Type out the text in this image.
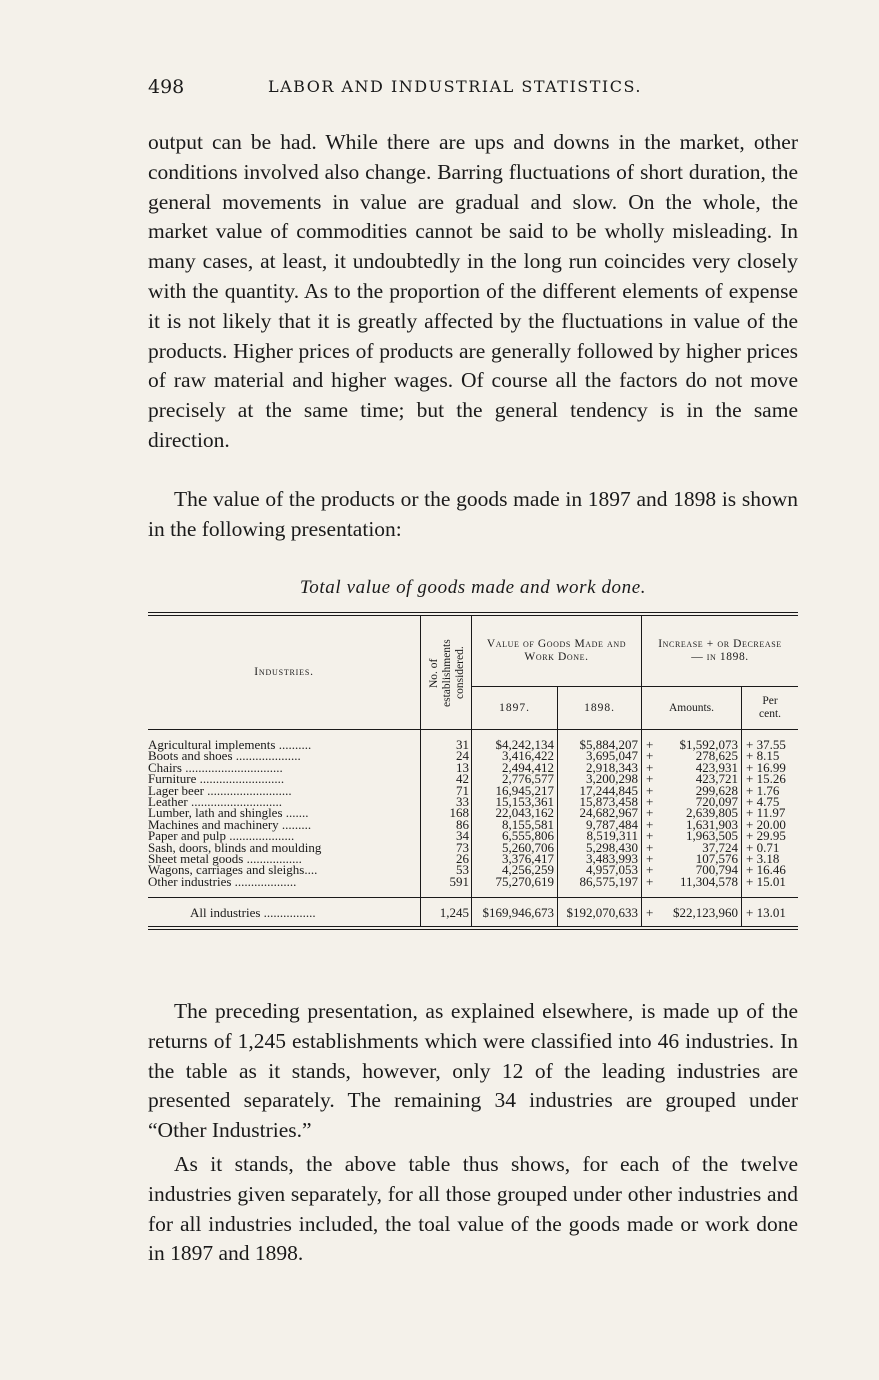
498	LABOR AND INDUSTRIAL STATISTICS.

output can be had. While there are ups and downs in the market, other conditions involved also change. Barring fluctuations of short duration, the general movements in value are gradual and slow. On the whole, the market value of commodities cannot be said to be wholly misleading. In many cases, at least, it undoubtedly in the long run coincides very closely with the quantity. As to the proportion of the different elements of expense it is not likely that it is greatly affected by the fluctuations in value of the products. Higher prices of products are generally followed by higher prices of raw material and higher wages. Of course all the factors do not move precisely at the same time; but the general tendency is in the same direction.

The value of the products or the goods made in 1897 and 1898 is shown in the following presentation:

Total value of goods made and work done.
Industries.	No. of establishments considered.	Value of Goods Made and Work Done.		Increase + or Decrease — in 1898.		

		1897.	1898.	Amounts.		Per cent.

Agricultural implements ..........	31	$4,242,134	$5,884,207	+	$1,592,073	+ 37.55
Boots and shoes ....................	24	3,416,422	3,695,047	+	278,625	+ 8.15
Chairs ..............................	13	2,494,412	2,918,343	+	423,931	+ 16.99
Furniture ..........................	42	2,776,577	3,200,298	+	423,721	+ 15.26
Lager beer ..........................	71	16,945,217	17,244,845	+	299,628	+ 1.76
Leather ............................	33	15,153,361	15,873,458	+	720,097	+ 4.75
Lumber, lath and shingles .......	168	22,043,162	24,682,967	+	2,639,805	+ 11.97
Machines and machinery .........	86	8,155,581	9,787,484	+	1,631,903	+ 20.00
Paper and pulp ....................	34	6,555,806	8,519,311	+	1,963,505	+ 29.95
Sash, doors, blinds and moulding	73	5,260,706	5,298,430	+	37,724	+ 0.71
Sheet metal goods .................	26	3,376,417	3,483,993	+	107,576	+ 3.18
Wagons, carriages and sleighs....	53	4,256,259	4,957,053	+	700,794	+ 16.46
Other industries ...................	591	75,270,619	86,575,197	+	11,304,578	+ 15.01
All industries ................	1,245	$169,946,673	$192,070,633	+	$22,123,960	+ 13.01

The preceding presentation, as explained elsewhere, is made up of the returns of 1,245 establishments which were classified into 46 industries. In the table as it stands, however, only 12 of the leading industries are presented separately. The remaining 34 industries are grouped under “Other Industries.”

As it stands, the above table thus shows, for each of the twelve industries given separately, for all those grouped under other industries and for all industries included, the toal value of the goods made or work done in 1897 and 1898.
